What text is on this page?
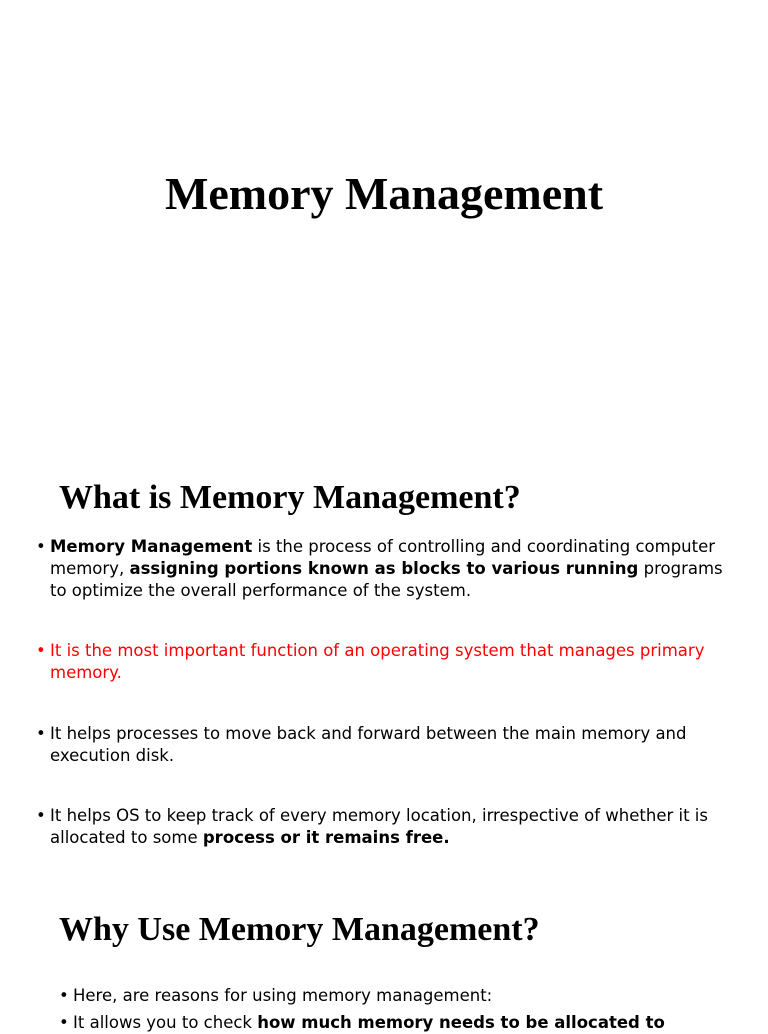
Memory Management
What is Memory Management?
• Memory Management is the process of controlling and coordinating computer memory, assigning portions known as blocks to various running programs to optimize the overall performance of the system.
• It is the most important function of an operating system that manages primary memory.
• It helps processes to move back and forward between the main memory and execution disk.
• It helps OS to keep track of every memory location, irrespective of whether it is allocated to some process or it remains free.
Why Use Memory Management?
• Here, are reasons for using memory management:
• It allows you to check how much memory needs to be allocated to
